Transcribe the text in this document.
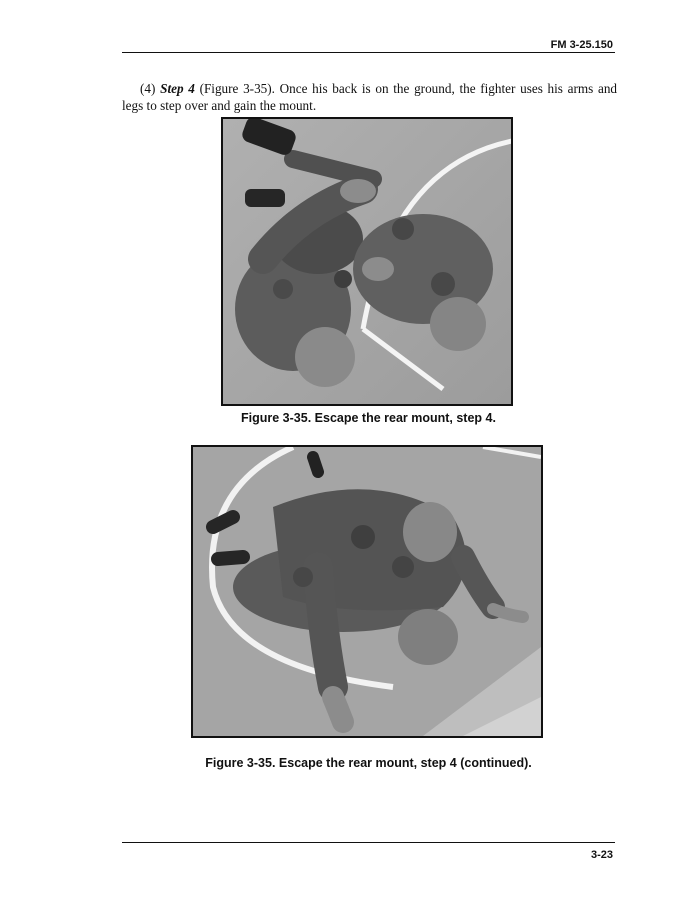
FM 3-25.150

(4) Step 4 (Figure 3-35). Once his back is on the ground, the fighter uses his arms and legs to step over and gain the mount.

Figure 3-35. Escape the rear mount, step 4.
Figure 3-35. Escape the rear mount, step 4 (continued).
3-23
